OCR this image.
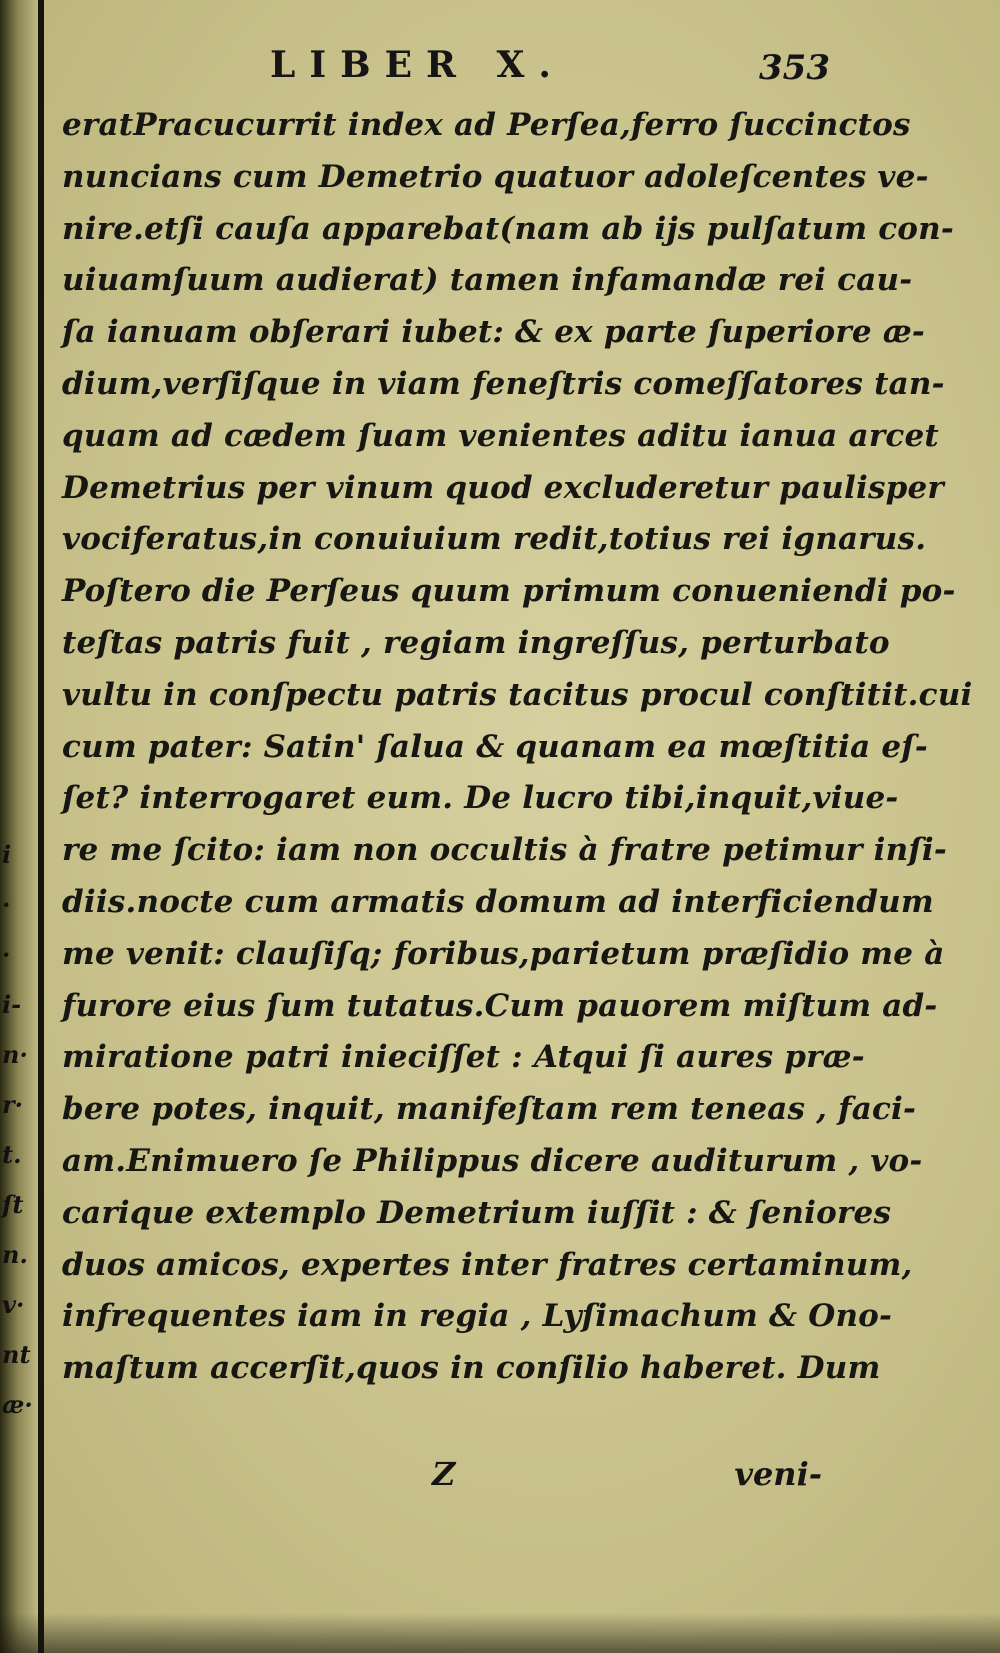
i
·
·
i-
n·
r·
t.
ſt
n.
v·
nt
æ·
LIBER X.	353
eratPracucurrit index ad Perſea,ferro ſuccinctos
nuncians cum Demetrio quatuor adoleſcentes ve-
nire.etſi cauſa apparebat(nam ab ijs pulſatum con-
uiuamſuum audierat) tamen infamandæ rei cau-
ſa ianuam obſerari iubet: & ex parte ſuperiore æ-
dium,verſiſque in viam feneſtris comeſſatores tan-
quam ad cædem ſuam venientes aditu ianua arcet
Demetrius per vinum quod excluderetur paulisper
vociferatus,in conuiuium redit,totius rei ignarus.
Poſtero die Perſeus quum primum conueniendi po-
teſtas patris fuit , regiam ingreſſus, perturbato
vultu in conſpectu patris tacitus procul conſtitit.cui
cum pater: Satin' ſalua & quanam ea mœſtitia eſ-
ſet? interrogaret eum. De lucro tibi,inquit,viue-
re me ſcito: iam non occultis à fratre petimur inſi-
diis.nocte cum armatis domum ad interficiendum
me venit: clauſiſq; foribus,parietum præſidio me à
furore eius ſum tutatus.Cum pauorem miſtum ad-
miratione patri inieciſſet : Atqui ſi aures præ-
bere potes, inquit, manifeſtam rem teneas , faci-
am.Enimuero ſe Philippus dicere auditurum , vo-
carique extemplo Demetrium iuſſit : & ſeniores
duos amicos, expertes inter fratres certaminum,
infrequentes iam in regia , Lyſimachum & Ono-
maſtum accerſit,quos in conſilio haberet. Dum
Z	veni-
